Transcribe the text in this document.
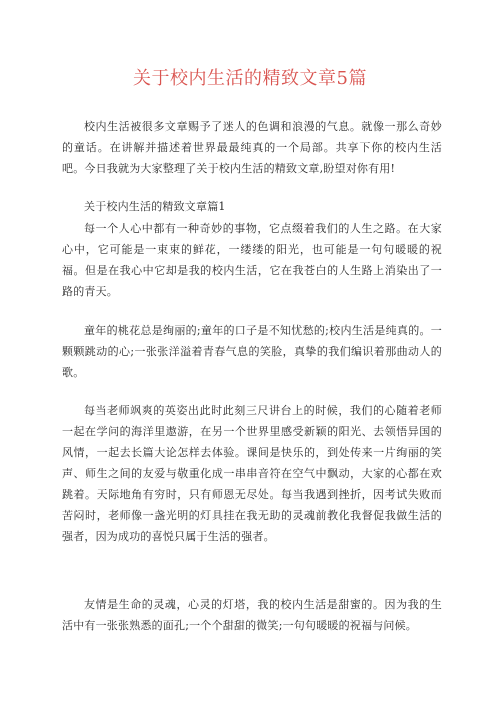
关于校内生活的精致文章5篇

校内生活被很多文章赐予了迷人的色调和浪漫的气息。就像一那么奇妙的童话。在讲解并描述着世界最最纯真的一个局部。共享下你的校内生活吧。今日我就为大家整理了关于校内生活的精致文章,盼望对你有用!

关于校内生活的精致文章篇1

每一个人心中都有一种奇妙的事物，它点缀着我们的人生之路。在大家心中，它可能是一束束的鲜花，一缕缕的阳光，也可能是一句句暖暖的祝福。但是在我心中它却是我的校内生活，它在我苍白的人生路上消染出了一路的青天。

童年的桃花总是绚丽的;童年的口子是不知忧愁的;校内生活是纯真的。一颗颗跳动的心;一张张洋溢着青春气息的笑脸，真挚的我们编识着那曲动人的歌。

每当老师飒爽的英姿出此时此刻三尺讲台上的时候，我们的心随着老师一起在学问的海洋里遨游，在另一个世界里感受新颖的阳光、去领悟异国的风情，一起去长篇大论怎样去体验。课间是快乐的，到处传来一片绚丽的笑声、师生之间的友爱与敬重化成一串串音符在空气中飘动，大家的心都在欢跳着。天际地角有穷时，只有师恩无尽处。每当我遇到挫折，因考试失败而苦闷时，老师像一盏光明的灯具挂在我无助的灵魂前教化我督促我做生活的强者，因为成功的喜悦只属于生活的强者。

友情是生命的灵魂，心灵的灯塔，我的校内生活是甜蜜的。因为我的生活中有一张张熟悉的面孔;一个个甜甜的微笑;一句句暖暖的祝福与问候。
